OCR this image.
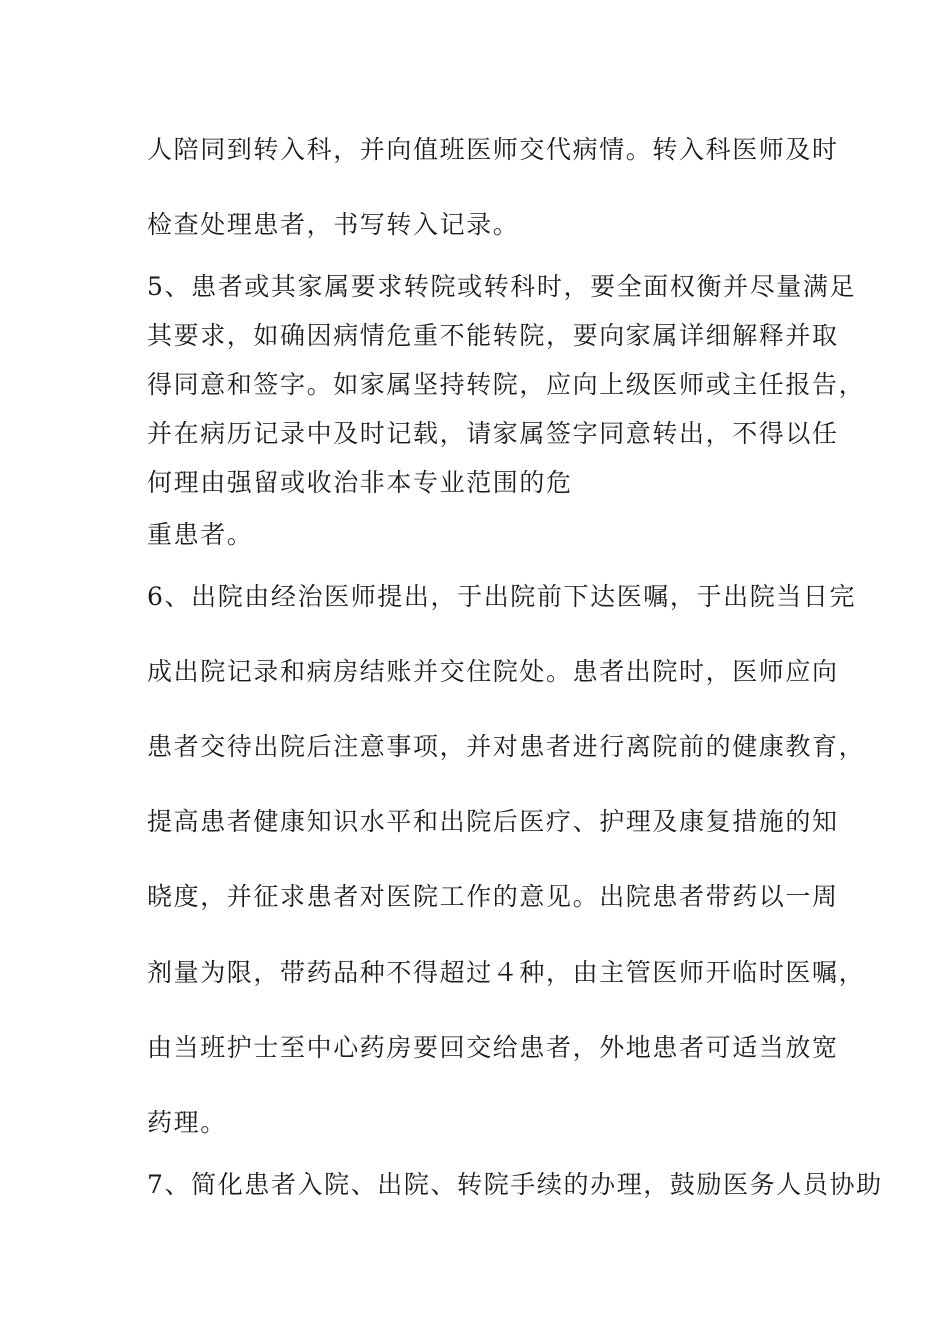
人陪同到转入科，并向值班医师交代病情。转入科医师及时
检查处理患者，书写转入记录。
5、患者或其家属要求转院或转科时，要全面权衡并尽量满足
其要求，如确因病情危重不能转院，要向家属详细解释并取
得同意和签字。如家属坚持转院，应向上级医师或主任报告，
并在病历记录中及时记载，请家属签字同意转出，不得以任
何理由强留或收治非本专业范围的危
重患者。
6、出院由经治医师提出，于出院前下达医嘱，于出院当日完
成出院记录和病房结账并交住院处。患者出院时，医师应向
患者交待出院后注意事项，并对患者进行离院前的健康教育，
提高患者健康知识水平和出院后医疗、护理及康复措施的知
晓度，并征求患者对医院工作的意见。出院患者带药以一周
剂量为限，带药品种不得超过４种，由主管医师开临时医嘱，
由当班护士至中心药房要回交给患者，外地患者可适当放宽
药理。
7、简化患者入院、出院、转院手续的办理，鼓励医务人员协助
